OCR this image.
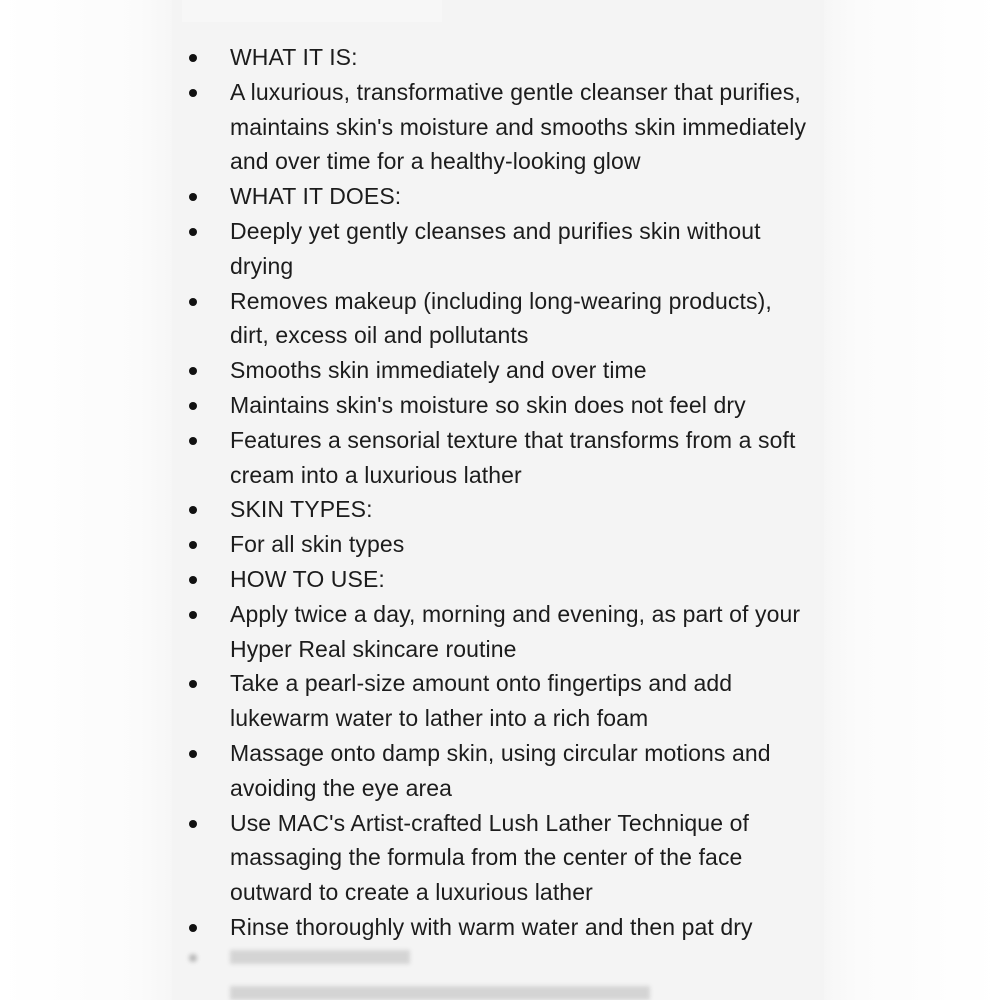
WHAT IT IS:
A luxurious, transformative gentle cleanser that purifies, maintains skin's moisture and smooths skin immediately and over time for a healthy-looking glow
WHAT IT DOES:
Deeply yet gently cleanses and purifies skin without drying
Removes makeup (including long-wearing products), dirt, excess oil and pollutants
Smooths skin immediately and over time
Maintains skin's moisture so skin does not feel dry
Features a sensorial texture that transforms from a soft cream into a luxurious lather
SKIN TYPES:
For all skin types
HOW TO USE:
Apply twice a day, morning and evening, as part of your Hyper Real skincare routine
Take a pearl-size amount onto fingertips and add lukewarm water to lather into a rich foam
Massage onto damp skin, using circular motions and avoiding the eye area
Use MAC's Artist-crafted Lush Lather Technique of massaging the formula from the center of the face outward to create a luxurious lather
Rinse thoroughly with warm water and then pat dry
